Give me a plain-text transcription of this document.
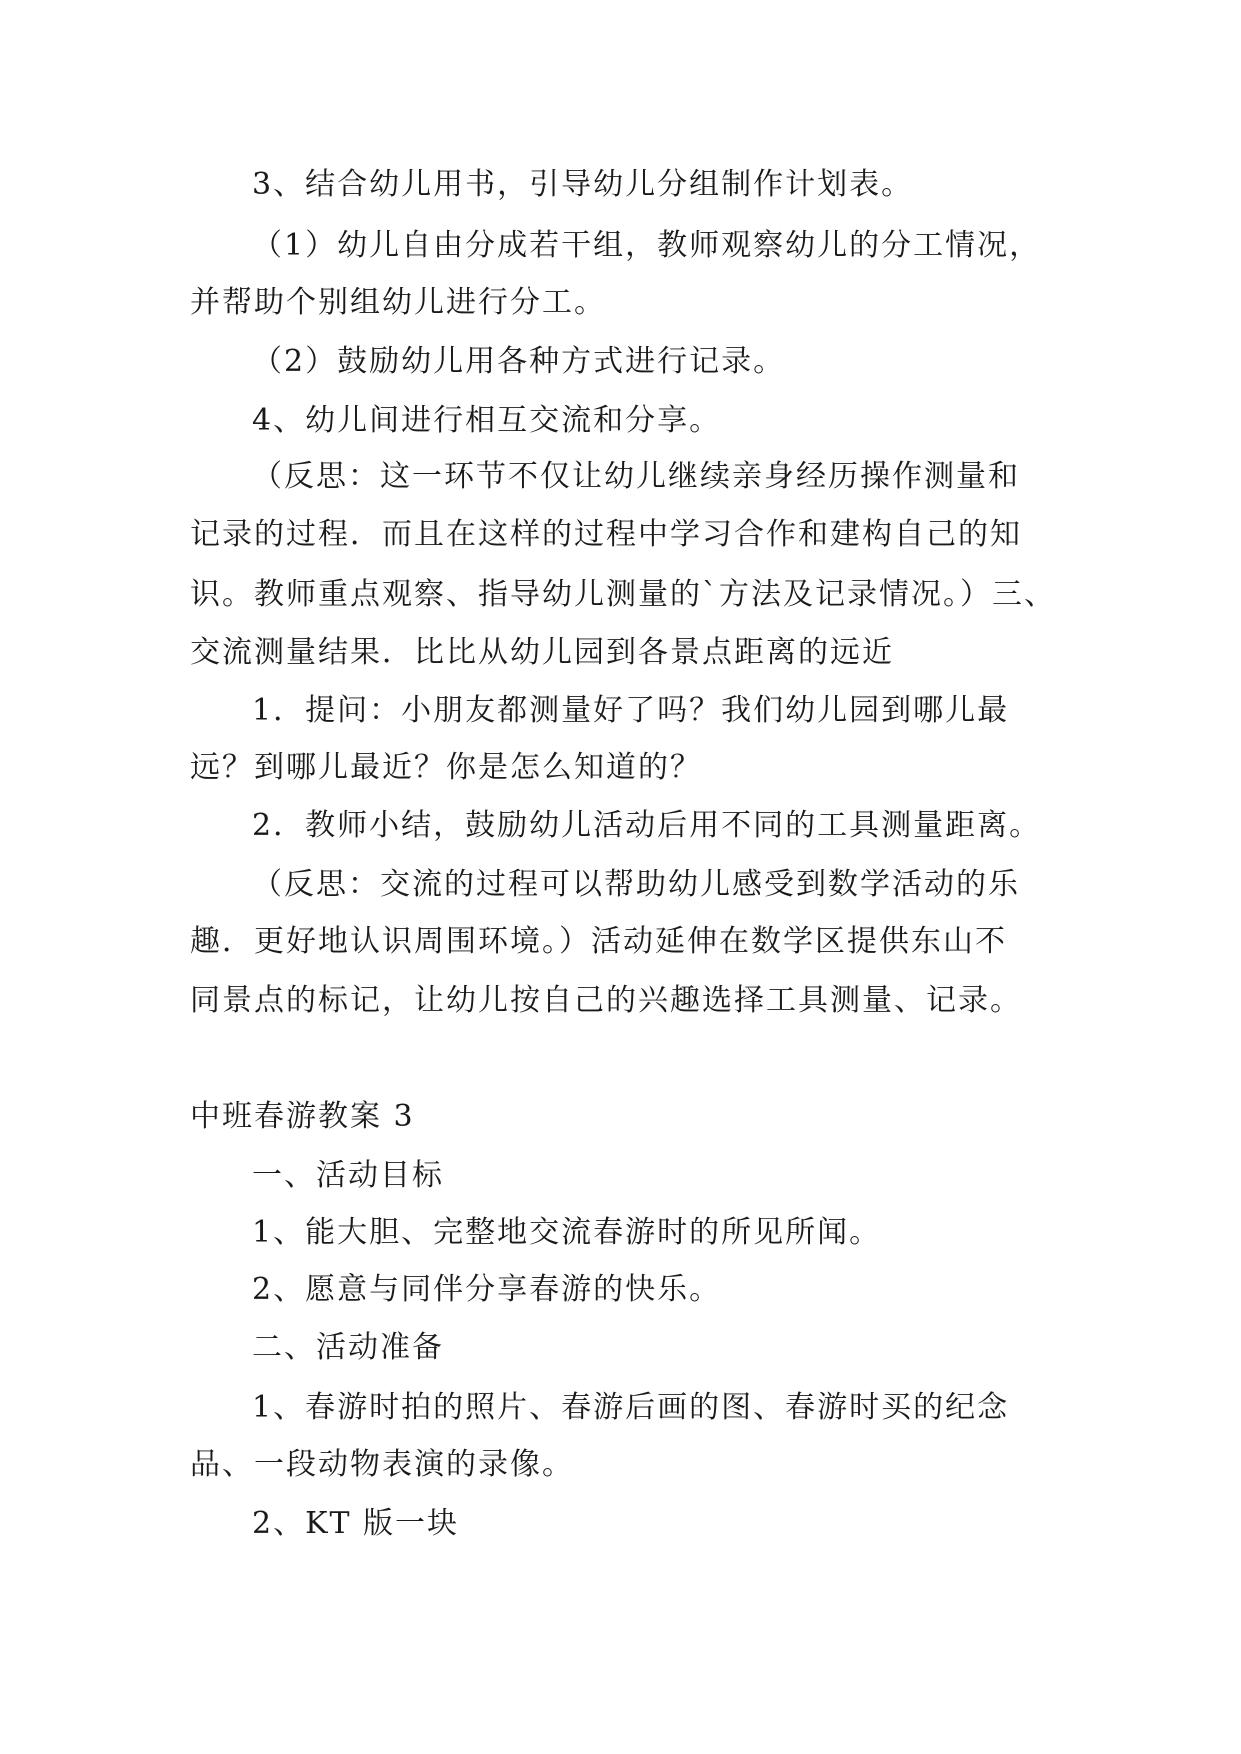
3、结合幼儿用书，引导幼儿分组制作计划表。
（1）幼儿自由分成若干组，教师观察幼儿的分工情况，
并帮助个别组幼儿进行分工。
（2）鼓励幼儿用各种方式进行记录。
4、幼儿间进行相互交流和分享。
（反思：这一环节不仅让幼儿继续亲身经历操作测量和
记录的过程．而且在这样的过程中学习合作和建构自己的知
识。教师重点观察、指导幼儿测量的`方法及记录情况。）三、
交流测量结果．比比从幼儿园到各景点距离的远近
1．提问：小朋友都测量好了吗？我们幼儿园到哪儿最
远？到哪儿最近？你是怎么知道的？
2．教师小结，鼓励幼儿活动后用不同的工具测量距离。
（反思：交流的过程可以帮助幼儿感受到数学活动的乐
趣．更好地认识周围环境。）活动延伸在数学区提供东山不
同景点的标记，让幼儿按自己的兴趣选择工具测量、记录。
中班春游教案 3
一、活动目标
1、能大胆、完整地交流春游时的所见所闻。
2、愿意与同伴分享春游的快乐。
二、活动准备
1、春游时拍的照片、春游后画的图、春游时买的纪念
品、一段动物表演的录像。
2、KT 版一块
